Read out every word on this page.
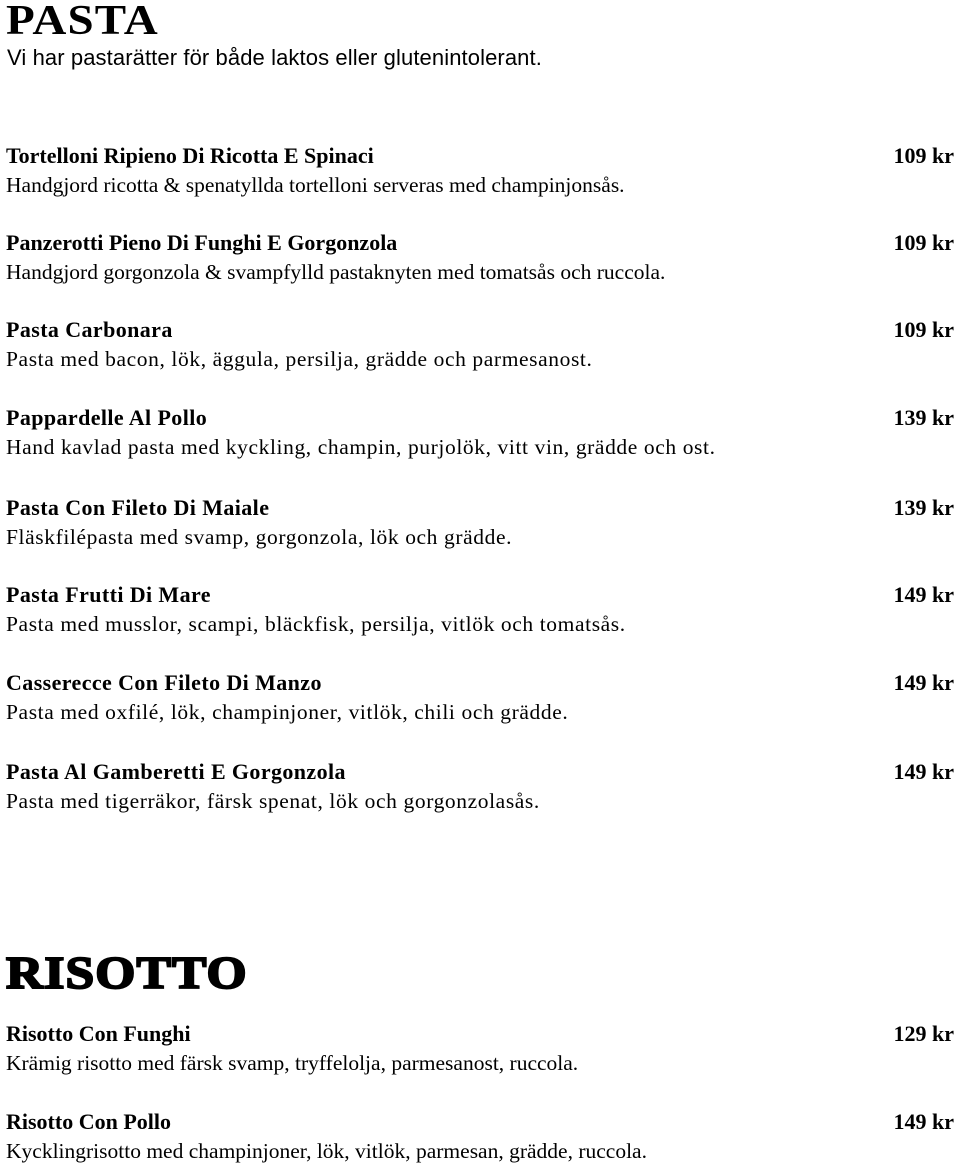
PASTA
Vi har pastarätter för både laktos eller glutenintolerant.
Tortelloni Ripieno Di Ricotta E Spinaci
Handgjord ricotta & spenatyllda tortelloni serveras med champinjonsås.
109 kr
Panzerotti Pieno Di Funghi E Gorgonzola
Handgjord gorgonzola & svampfylld pastaknyten med tomatsås och ruccola.
109 kr
Pasta Carbonara
Pasta med bacon, lök, äggula, persilja, grädde och parmesanost.
109 kr
Pappardelle Al Pollo
Hand kavlad pasta med kyckling, champin, purjolök, vitt vin, grädde och ost.
139 kr
Pasta Con Fileto Di Maiale
Fläskfilépasta med svamp, gorgonzola, lök och grädde.
139 kr
Pasta Frutti Di Mare
Pasta med musslor, scampi, bläckfisk, persilja, vitlök och tomatsås.
149 kr
Casserecce Con Fileto Di Manzo
Pasta med oxfilé, lök, champinjoner, vitlök, chili och grädde.
149 kr
Pasta Al Gamberetti E Gorgonzola
Pasta med tigerräkor, färsk spenat, lök och gorgonzolasås.
149 kr
RISOTTO
Risotto Con Funghi
Krämig risotto med färsk svamp, tryffelolja, parmesanost, ruccola.
129 kr
Risotto Con Pollo
Kycklingrisotto med champinjoner, lök, vitlök, parmesan, grädde, ruccola.
149 kr
